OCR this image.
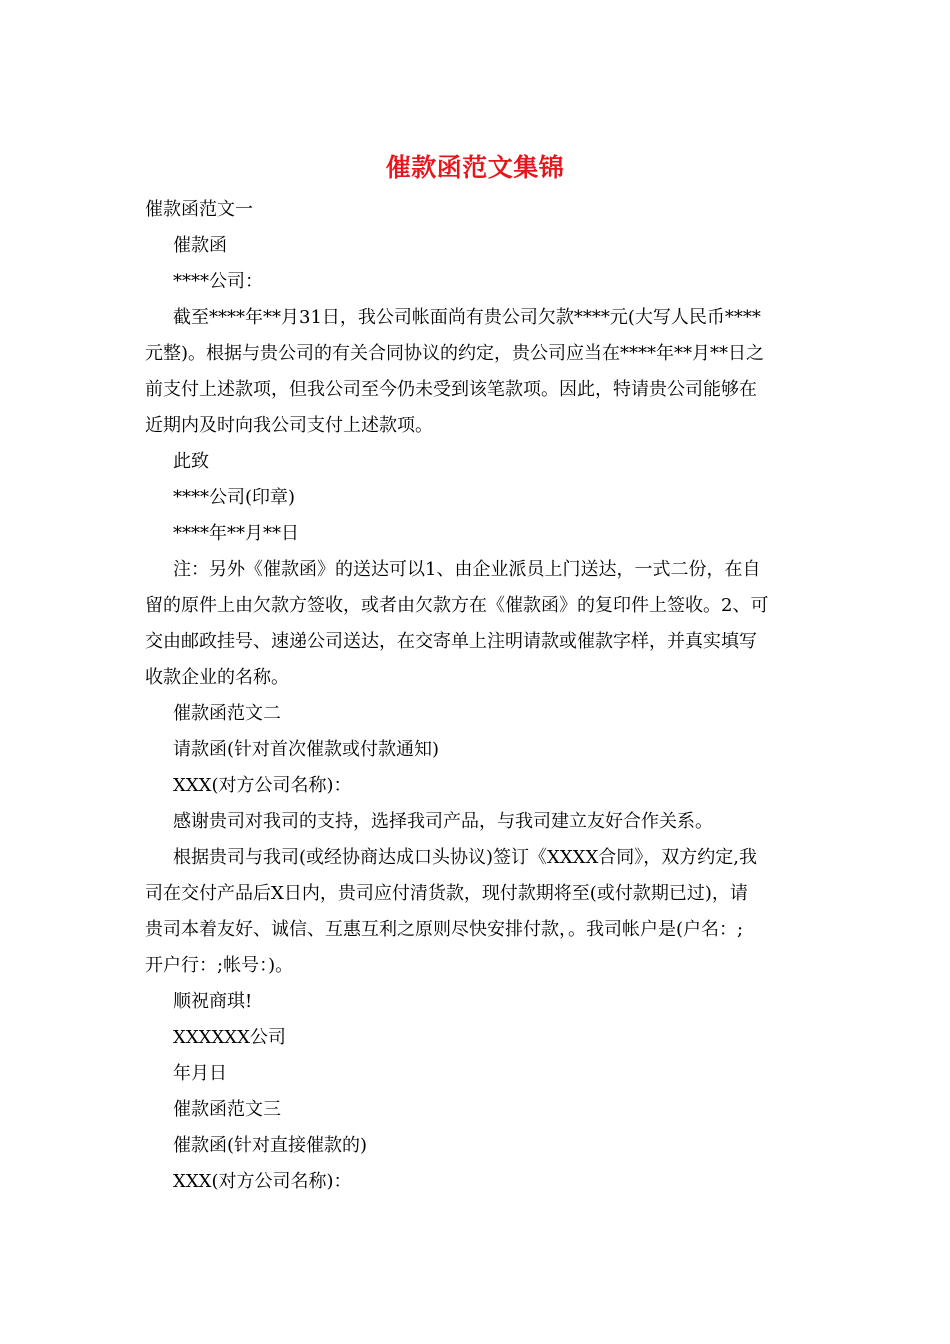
催款函范文集锦
催款函范文一
催款函
****公司：
截至****年**月31日，我公司帐面尚有贵公司欠款****元(大写人民币****
元整)。根据与贵公司的有关合同协议的约定，贵公司应当在****年**月**日之
前支付上述款项，但我公司至今仍未受到该笔款项。因此，特请贵公司能够在
近期内及时向我公司支付上述款项。
此致
****公司(印章)
****年**月**日
注：另外《催款函》的送达可以1、由企业派员上门送达，一式二份，在自
留的原件上由欠款方签收，或者由欠款方在《催款函》的复印件上签收。2、可
交由邮政挂号、速递公司送达，在交寄单上注明请款或催款字样，并真实填写
收款企业的名称。
催款函范文二
请款函(针对首次催款或付款通知)
XXX(对方公司名称)：
感谢贵司对我司的支持，选择我司产品，与我司建立友好合作关系。
根据贵司与我司(或经协商达成口头协议)签订《XXXX合同》，双方约定,我
司在交付产品后X日内，贵司应付清货款，现付款期将至(或付款期已过)，请
贵司本着友好、诚信、互惠互利之原则尽快安排付款，。我司帐户是(户名：;
开户行：;帐号：)。
顺祝商琪!
XXXXXX公司
年月日
催款函范文三
催款函(针对直接催款的)
XXX(对方公司名称)：
